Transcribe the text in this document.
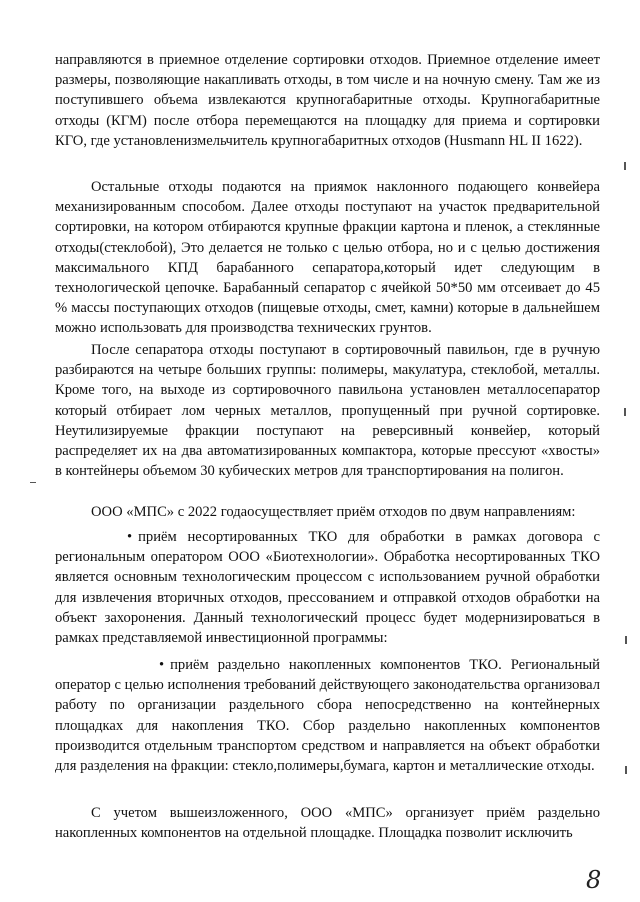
направляются в приемное отделение сортировки отходов. Приемное отделение имеет размеры, позволяющие накапливать отходы, в том числе и на ночную смену. Там же из поступившего объема извлекаются крупногабаритные отходы. Крупногабаритные отходы (КГМ) после отбора перемещаются на площадку для приема и сортировки КГО, где установленизмельчитель крупногабаритных отходов (Husmann HL II 1622).

Остальные отходы подаются на приямок наклонного подающего конвейера механизированным способом. Далее отходы поступают на участок предварительной сортировки, на котором отбираются крупные фракции картона и пленок, а стеклянные отходы(стеклобой), Это делается не только с целью отбора, но и с целью достижения максимального КПД барабанного сепаратора,который идет следующим в технологической цепочке. Барабанный сепаратор с ячейкой 50*50 мм отсеивает до 45 % массы поступающих отходов (пищевые отходы, смет, камни) которые в дальнейшем можно использовать для производства технических грунтов.

После сепаратора отходы поступают в сортировочный павильон, где в ручную разбираются на четыре больших группы: полимеры, макулатура, стеклобой, металлы. Кроме того, на выходе из сортировочного павильона установлен металлосепаратор который отбирает лом черных металлов, пропущенный при ручной сортировке. Неутилизируемые фракции поступают на реверсивный конвейер, который распределяет их на два автоматизированных компактора, которые прессуют «хвосты» в контейнеры объемом 30 кубических метров для транспортирования на полигон.

ООО «МПС» с 2022 годаосуществляет приём отходов по двум направлениям:

• приём несортированных ТКО для обработки в рамках договора с региональным оператором ООО «Биотехнологии». Обработка несортированных ТКО является основным технологическим процессом с использованием ручной обработки для извлечения вторичных отходов, прессованием и отправкой отходов обработки на объект захоронения. Данный технологический процесс будет модернизироваться в рамках представляемой инвестиционной программы:

• приём раздельно накопленных компонентов ТКО. Региональный оператор с целью исполнения требований действующего законодательства организовал работу по организации раздельного сбора непосредственно на контейнерных площадках для накопления ТКО. Сбор раздельно накопленных компонентов производится отдельным транспортом средством и направляется на объект обработки для разделения на фракции: стекло,полимеры,бумага, картон и металлические отходы.

С учетом вышеизложенного, ООО «МПС» организует приём раздельно накопленных компонентов на отдельной площадке. Площадка позволит исключить

8
